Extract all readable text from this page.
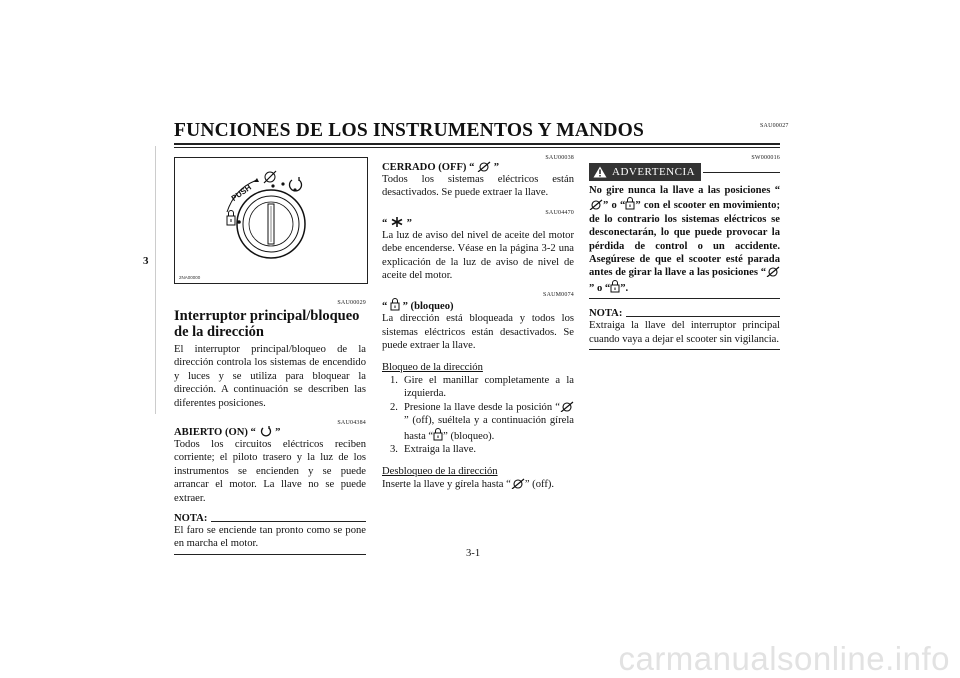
SAU00027
FUNCIONES DE LOS INSTRUMENTOS Y MANDOS
3
PUSH
2NA00000
SAU00029
Interruptor principal/bloqueo de la dirección
El interruptor principal/bloqueo de la dirección controla los sistemas de encendido y luces y se utiliza para bloquear la dirección. A continuación se describen las diferentes posiciones.
SAU04384
ABIERTO (ON) “ ”
Todos los circuitos eléctricos reciben corriente; el piloto trasero y la luz de los instrumentos se encienden y se puede arrancar el motor. La llave no se puede extraer.
NOTA:
El faro se enciende tan pronto como se pone en marcha el motor.
SAU00038
CERRADO (OFF) “ ”
Todos los sistemas eléctricos están desactivados. Se puede extraer la llave.
SAU04470
“ ”
La luz de aviso del nivel de aceite del motor debe encenderse. Véase en la página 3-2 una explicación de la luz de aviso de nivel de aceite del motor.
SAUM0074
“ ” (bloqueo)
La dirección está bloqueada y todos los sistemas eléctricos están desactivados. Se puede extraer la llave.
Bloqueo de la dirección
1. Gire el manillar completamente a la izquierda.
2. Presione la llave desde la posición “” (off), suéltela y a continuación gírela hasta “ ” (bloqueo).
3. Extraiga la llave.
Desbloqueo de la dirección
Inserte la llave y gírela hasta “ ” (off).
SW000016
ADVERTENCIA
No gire nunca la llave a las posiciones “” o “ ” con el scooter en movimiento; de lo contrario los sistemas eléctricos se desconectarán, lo que puede provocar la pérdida de control o un accidente. Asegúrese de que el scooter esté parada antes de girar la llave a las posiciones “” o “ ”.
NOTA:
Extraiga la llave del interruptor principal cuando vaya a dejar el scooter sin vigilancia.
3-1
carmanualsonline.info
